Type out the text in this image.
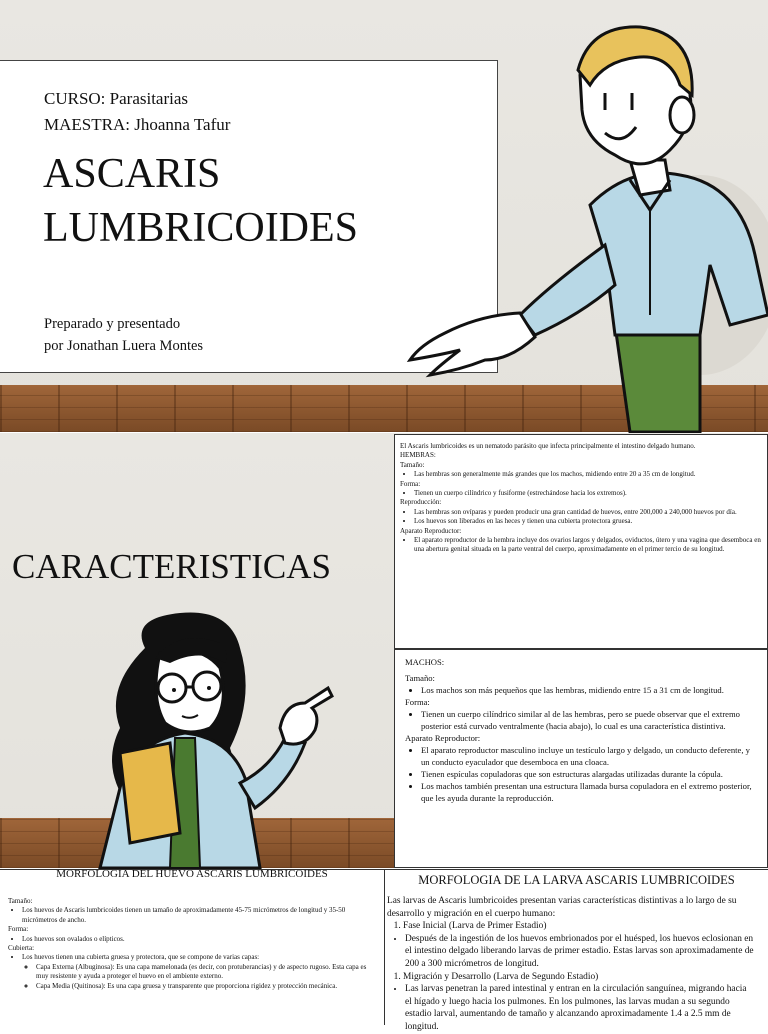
CURSO: Parasitarias
MAESTRA: Jhoanna Tafur
ASCARIS
LUMBRICOIDES
Preparado y presentado
por Jonathan Luera Montes
CARACTERISTICAS

El Ascaris lumbricoides es un nematodo parásito que infecta principalmente el intestino delgado humano.

HEMBRAS:

Tamaño:

• Las hembras son generalmente más grandes que los machos, midiendo entre 20 a 35 cm de longitud.

Forma:

• Tienen un cuerpo cilíndrico y fusiforme (estrechándose hacia los extremos).

Reproducción:

• Las hembras son ovíparas y pueden producir una gran cantidad de huevos, entre 200,000 a 240,000 huevos por día.
• Los huevos son liberados en las heces y tienen una cubierta protectora gruesa.

Aparato Reproductor:

• El aparato reproductor de la hembra incluye dos ovarios largos y delgados, oviductos, útero y una vagina que desemboca en una abertura genital situada en la parte ventral del cuerpo, aproximadamente en el primer tercio de su longitud.

MACHOS:

Tamaño:

• Los machos son más pequeños que las hembras, midiendo entre 15 a 31 cm de longitud.

Forma:

• Tienen un cuerpo cilíndrico similar al de las hembras, pero se puede observar que el extremo posterior está curvado ventralmente (hacia abajo), lo cual es una característica distintiva.

Aparato Reproductor:

• El aparato reproductor masculino incluye un testículo largo y delgado, un conducto deferente, y un conducto eyaculador que desemboca en una cloaca.
• Tienen espículas copuladoras que son estructuras alargadas utilizadas durante la cópula.
• Los machos también presentan una estructura llamada bursa copuladora en el extremo posterior, que les ayuda durante la reproducción.
MORFOLOGIA DEL HUEVO ASCARIS LUMBRICOIDES

Tamaño:

• Los huevos de Ascaris lumbricoides tienen un tamaño de aproximadamente 45-75 micrómetros de longitud y 35-50 micrómetros de ancho.

Forma:

• Los huevos son ovalados o elípticos.

Cubierta:

• Los huevos tienen una cubierta gruesa y protectora, que se compone de varias capas:
◦ Capa Externa (Albuginosa): Es una capa mamelonada (es decir, con protuberancias) y de aspecto rugoso. Esta capa es muy resistente y ayuda a proteger el huevo en el ambiente externo.
◦ Capa Media (Quitinosa): Es una capa gruesa y transparente que proporciona rigidez y protección mecánica.
MORFOLOGIA DE LA LARVA ASCARIS LUMBRICOIDES

Las larvas de Ascaris lumbricoides presentan varias características distintivas a lo largo de su desarrollo y migración en el cuerpo humano:

1. Fase Inicial (Larva de Primer Estadio)
• Después de la ingestión de los huevos embrionados por el huésped, los huevos eclosionan en el intestino delgado liberando larvas de primer estadio. Estas larvas son aproximadamente de 200 a 300 micrómetros de longitud.
1. Migración y Desarrollo (Larva de Segundo Estadio)
• Las larvas penetran la pared intestinal y entran en la circulación sanguínea, migrando hacia el hígado y luego hacia los pulmones. En los pulmones, las larvas mudan a su segundo estadio larval, aumentando de tamaño y alcanzando aproximadamente 1.4 a 2.5 mm de longitud.
